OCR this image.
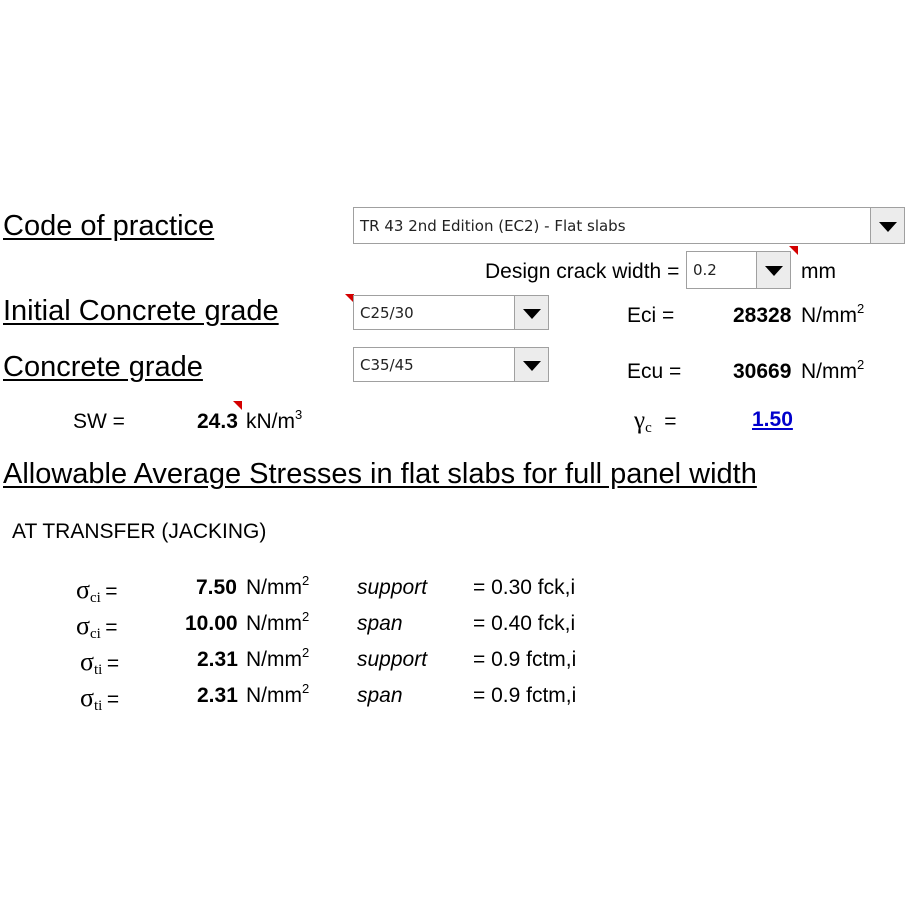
Code of practice	TR 43 2nd Edition (EC2) - Flat slabs
Design crack width = 0.2	mm
Initial Concrete grade	C25/30	Eci =	28328 $N/mm^2$
Concrete grade	C35/45	Ecu = 30669 $N/mm^2$
SW =	24.3 $kN/m^3$	$\gamma_c$ =	1.50
Allowable Average Stresses in flat slabs for full panel width
AT TRANSFER (JACKING)
$\sigma_{ci}$ =	7.50 $N/mm^2$ support = 0.30 fck,i
$\sigma_{ci}$ =	10.00 $N/mm^2$ span	= 0.40 fck,i
$\sigma_{ti}$ =	2.31 $N/mm^2$ support = 0.9 fctm,i
$\sigma_{ti}$ =	2.31 $N/mm^2$ span	= 0.9 fctm,i
